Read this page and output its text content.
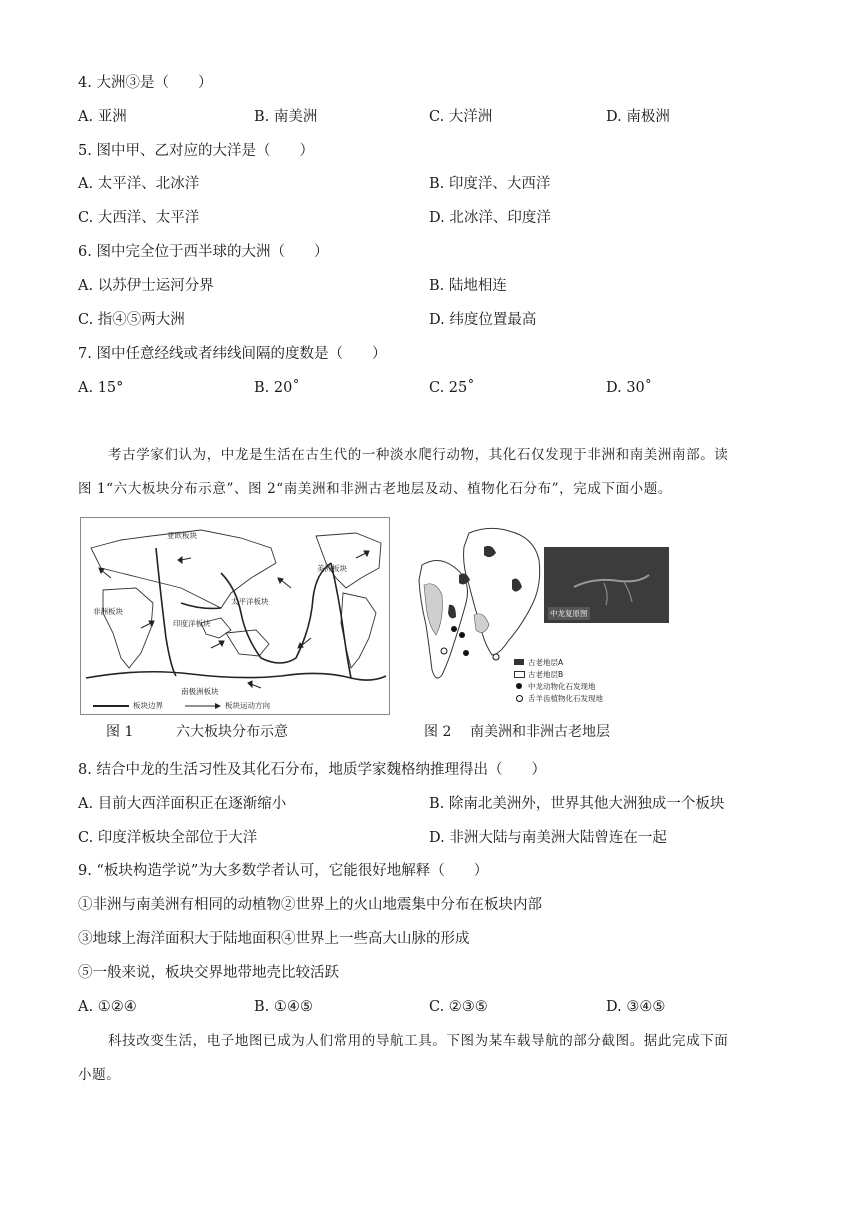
4. 大洲③是（　　）
A. 亚洲	B. 南美洲	C. 大洋洲	D. 南极洲
5. 图中甲、乙对应的大洋是（　　）
A. 太平洋、北冰洋	B. 印度洋、大西洋
C. 大西洋、太平洋	D. 北冰洋、印度洋
6. 图中完全位于西半球的大洲（　　）
A. 以苏伊士运河分界	B. 陆地相连
C. 指④⑤两大洲	D. 纬度位置最高
7. 图中任意经线或者纬线间隔的度数是（　　）
A. 15°	B. 20˚	C. 25˚	D. 30˚
考古学家们认为，中龙是生活在古生代的一种淡水爬行动物，其化石仅发现于非洲和南美洲南部。读
图 1“六大板块分布示意”、图 2“南美洲和非洲古老地层及动、植物化石分布”，完成下面小题。
亚欧板块
美洲板块
非洲板块
太平洋板块
印度洋板块
南极洲板块
板块边界	板块运动方向
图 1	六大板块分布示意
中龙复原图
古老地层A
古老地层B
中龙动物化石发现地
舌羊齿植物化石发现地
图 2 南美洲和非洲古老地层
8. 结合中龙的生活习性及其化石分布，地质学家魏格纳推理得出（　　）
A. 目前大西洋面积正在逐渐缩小	B. 除南北美洲外，世界其他大洲独成一个板块
C. 印度洋板块全部位于大洋	D. 非洲大陆与南美洲大陆曾连在一起
9. “板块构造学说”为大多数学者认可，它能很好地解释（　　）
①非洲与南美洲有相同的动植物②世界上的火山地震集中分布在板块内部
③地球上海洋面积大于陆地面积④世界上一些高大山脉的形成
⑤一般来说，板块交界地带地壳比较活跃
A. ①②④	B. ①④⑤	C. ②③⑤	D. ③④⑤
科技改变生活，电子地图已成为人们常用的导航工具。下图为某车载导航的部分截图。据此完成下面
小题。
